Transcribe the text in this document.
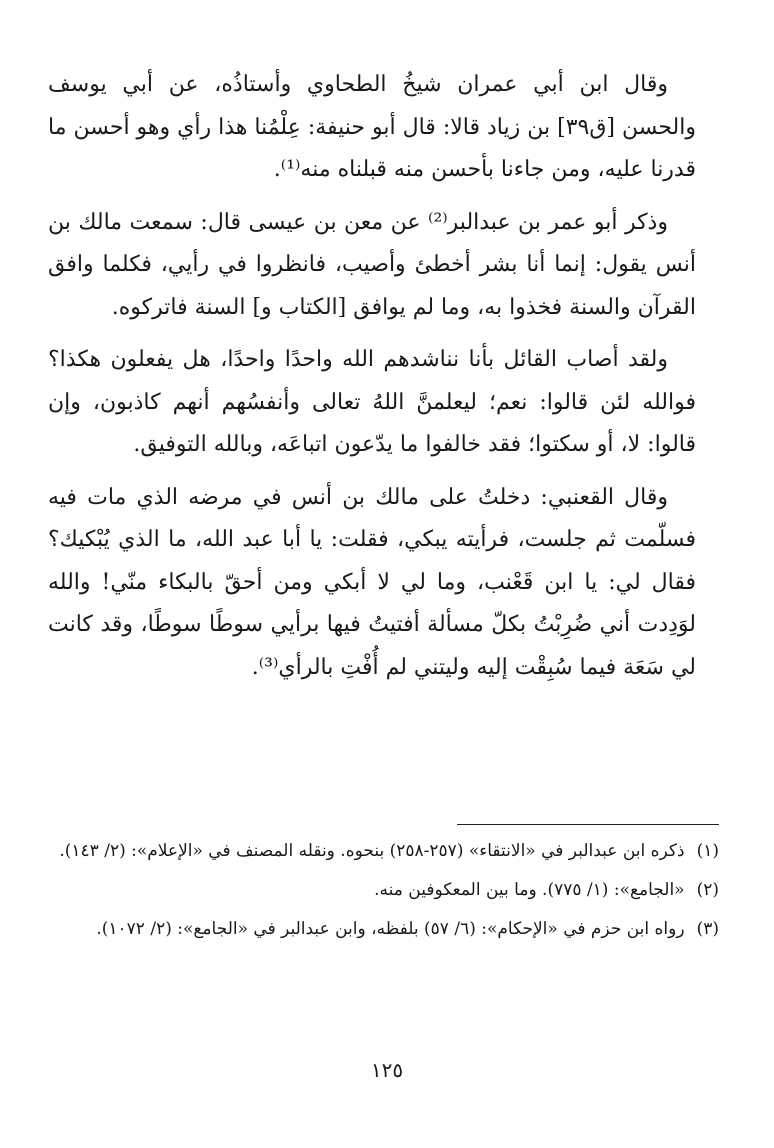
وقال ابن أبي عمران شيخُ الطحاوي وأستاذُه، عن أبي يوسف والحسن [ق٣٩] بن زياد قالا: قال أبو حنيفة: عِلْمُنا هذا رأي وهو أحسن ما قدرنا عليه، ومن جاءنا بأحسن منه قبلناه منه⁽¹⁾.

وذكر أبو عمر بن عبدالبر⁽²⁾ عن معن بن عيسى قال: سمعت مالك بن أنس يقول: إنما أنا بشر أخطئ وأصيب، فانظروا في رأيي، فكلما وافق القرآن والسنة فخذوا به، وما لم يوافق [الكتاب و] السنة فاتركوه.

ولقد أصاب القائل بأنا نناشدهم الله واحدًا واحدًا، هل يفعلون هكذا؟ فوالله لئن قالوا: نعم؛ ليعلمنَّ اللهُ تعالى وأنفسُهم أنهم كاذبون، وإن قالوا: لا، أو سكتوا؛ فقد خالفوا ما يدّعون اتباعَه، وبالله التوفيق.

وقال القعنبي: دخلتُ على مالك بن أنس في مرضه الذي مات فيه فسلّمت ثم جلست، فرأيته يبكي، فقلت: يا أبا عبد الله، ما الذي يُبْكيك؟ فقال لي: يا ابن قَعْنب، وما لي لا أبكي ومن أحقّ بالبكاء منّي! والله لوَدِدت أني ضُرِبْتُ بكلّ مسألة أفتيتُ فيها برأيي سوطًا سوطًا، وقد كانت لي سَعَة فيما سُبِقْت إليه وليتني لم أُفْتِ بالرأي⁽³⁾.

(١)
ذكره ابن عبدالبر في «الانتقاء» (٢٥٧-٢٥٨) بنحوه. ونقله المصنف في «الإعلام»: (٢/ ١٤٣).
(٢)
«الجامع»: (١/ ٧٧٥). وما بين المعكوفين منه.
(٣)
رواه ابن حزم في «الإحكام»: (٦/ ٥٧) بلفظه، وابن عبدالبر في «الجامع»: (٢/ ١٠٧٢).
١٢٥
